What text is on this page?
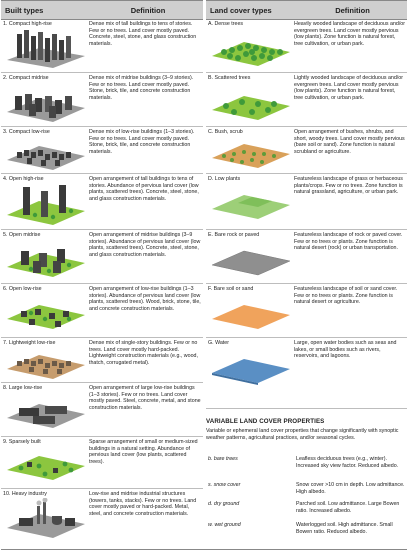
Built types	Definition	Land cover types	Definition
1. Compact high-rise	Dense mix of tall buildings to tens of stories. Few or no trees. Land cover mostly paved. Concrete, steel, stone, and glass construction materials.
2. Compact midrise	Dense mix of midrise buildings (3–9 stories). Few or no trees. Land cover mostly paved. Stone, brick, tile, and concrete construction materials.
3. Compact low-rise	Dense mix of low-rise buildings (1–3 stories). Few or no trees. Land cover mostly paved. Stone, brick, tile, and concrete construction materials.
4. Open high-rise	Open arrangement of tall buildings to tens of stories. Abundance of pervious land cover (low plants, scattered trees). Concrete, steel, stone, and glass construction materials.
5. Open midrise	Open arrangement of midrise buildings (3–9 stories). Abundance of pervious land cover (low plants, scattered trees). Concrete, steel, stone, and glass construction materials.
6. Open low-rise	Open arrangement of low-rise buildings (1–3 stories). Abundance of pervious land cover (low plants, scattered trees). Wood, brick, stone, tile, and concrete construction materials.
7. Lightweight low-rise	Dense mix of single-story buildings. Few or no trees. Land cover mostly hard-packed. Lightweight construction materials (e.g., wood, thatch, corrugated metal).
8. Large low-rise	Open arrangement of large low-rise buildings (1–3 stories). Few or no trees. Land cover mostly paved. Steel, concrete, metal, and stone construction materials.
9. Sparsely built	Sparse arrangement of small or medium-sized buildings in a natural setting. Abundance of pervious land cover (low plants, scattered trees).
10. Heavy industry	Low-rise and midrise industrial structures (towers, tanks, stacks). Few or no trees. Land cover mostly paved or hard-packed. Metal, steel, and concrete construction materials.
A. Dense trees	Heavily wooded landscape of deciduous and/or evergreen trees. Land cover mostly pervious (low plants). Zone function is natural forest, tree cultivation, or urban park.
B. Scattered trees	Lightly wooded landscape of deciduous and/or evergreen trees. Land cover mostly pervious (low plants). Zone function is natural forest, tree cultivation, or urban park.
C. Bush, scrub	Open arrangement of bushes, shrubs, and short, woody trees. Land cover mostly pervious (bare soil or sand). Zone function is natural scrubland or agriculture.
D. Low plants	Featureless landscape of grass or herbaceous plants/crops. Few or no trees. Zone function is natural grassland, agriculture, or urban park.
E. Bare rock or paved	Featureless landscape of rock or paved cover. Few or no trees or plants. Zone function is natural desert (rock) or urban transportation.
F. Bare soil or sand	Featureless landscape of soil or sand cover. Few or no trees or plants. Zone function is natural desert or agriculture.
G. Water	Large, open water bodies such as seas and lakes, or small bodies such as rivers, reservoirs, and lagoons.
VARIABLE LAND COVER PROPERTIES
Variable or ephemeral land cover properties that change significantly with synoptic weather patterns, agricultural practices, and/or seasonal cycles.
b. bare trees	Leafless deciduous trees (e.g., winter). Increased sky view factor. Reduced albedo.
s. snow cover	Snow cover >10 cm in depth. Low admittance. High albedo.
d. dry ground	Parched soil. Low admittance. Large Bowen ratio. Increased albedo.
w. wet ground	Waterlogged soil. High admittance. Small Bowen ratio. Reduced albedo.
